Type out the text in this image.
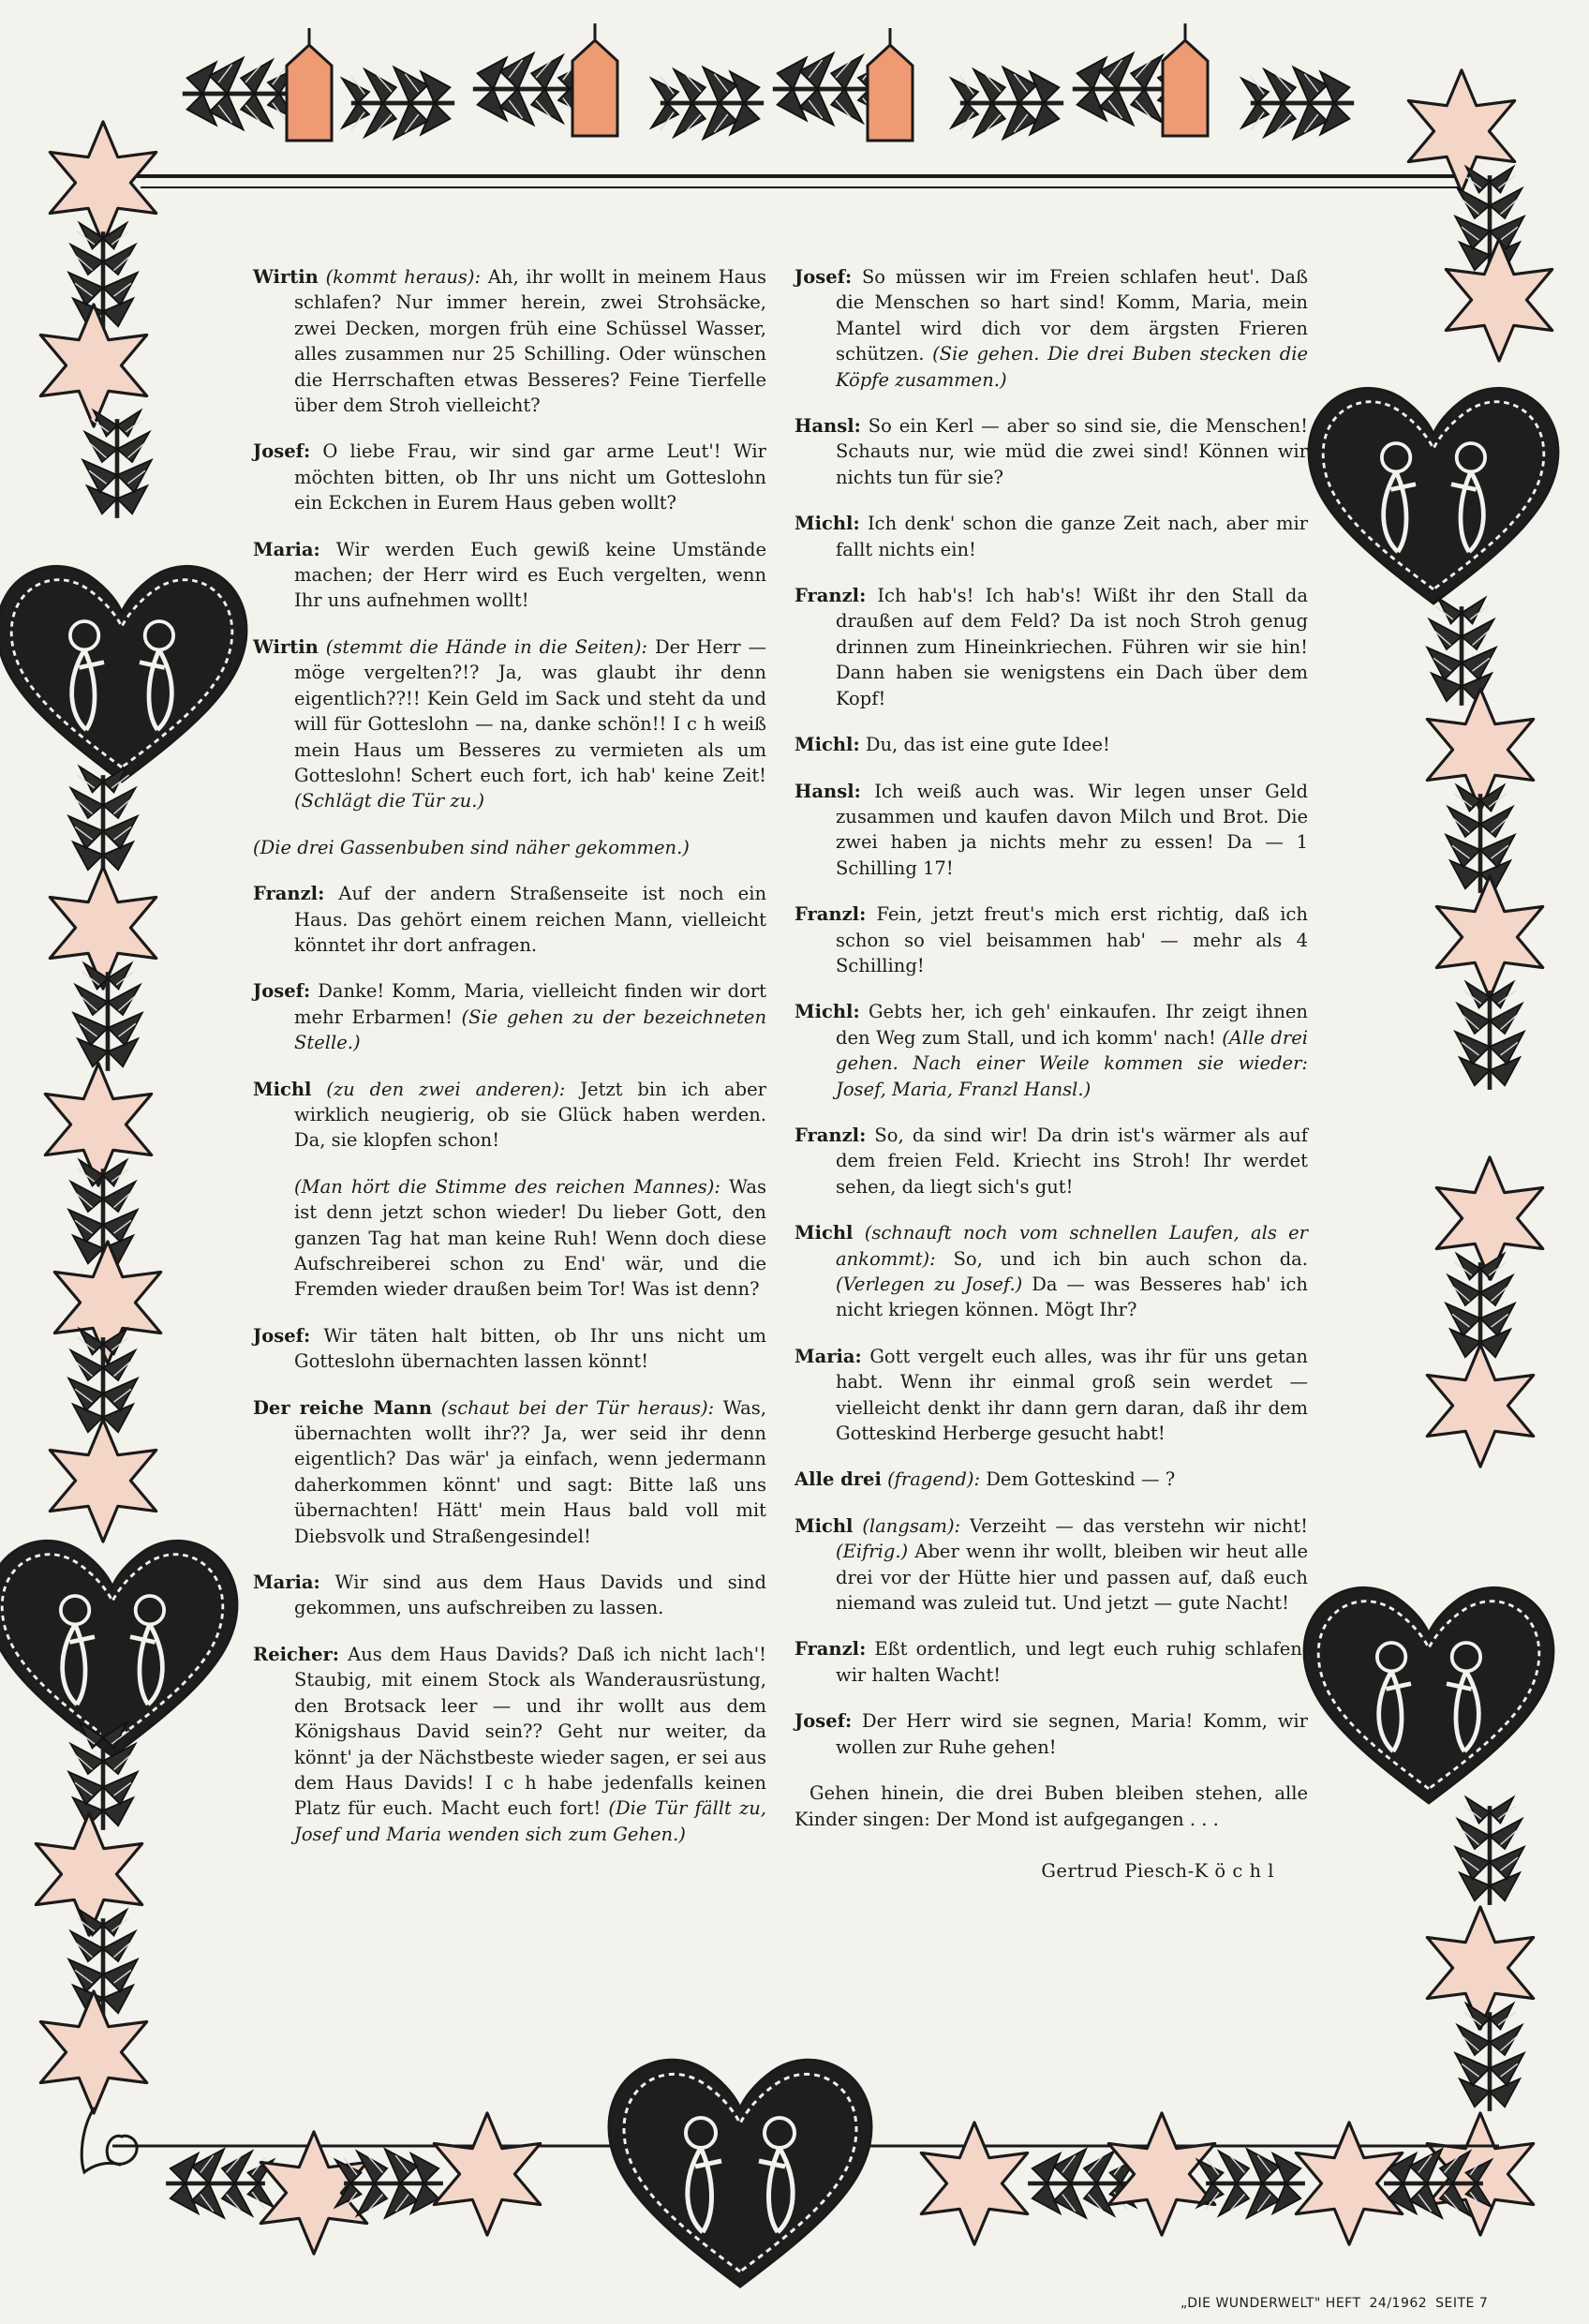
Wirtin (kommt heraus): Ah, ihr wollt in meinem Haus schlafen? Nur immer herein, zwei Strohsäcke, zwei Decken, morgen früh eine Schüssel Wasser, alles zusammen nur 25 Schilling. Oder wünschen die Herrschaften etwas Besseres? Feine Tierfelle über dem Stroh vielleicht?

Josef: O liebe Frau, wir sind gar arme Leut'! Wir möchten bitten, ob Ihr uns nicht um Gotteslohn ein Eckchen in Eurem Haus geben wollt?

Maria: Wir werden Euch gewiß keine Umstände machen; der Herr wird es Euch vergelten, wenn Ihr uns aufnehmen wollt!

Wirtin (stemmt die Hände in die Seiten): Der Herr — möge vergelten?!? Ja, was glaubt ihr denn eigentlich??!! Kein Geld im Sack und steht da und will für Gotteslohn — na, danke schön!! I c h weiß mein Haus um Besseres zu vermieten als um Gotteslohn! Schert euch fort, ich hab' keine Zeit! (Schlägt die Tür zu.)

(Die drei Gassenbuben sind näher gekommen.)

Franzl: Auf der andern Straßenseite ist noch ein Haus. Das gehört einem reichen Mann, vielleicht könntet ihr dort anfragen.

Josef: Danke! Komm, Maria, vielleicht finden wir dort mehr Erbarmen! (Sie gehen zu der bezeichneten Stelle.)

Michl (zu den zwei anderen): Jetzt bin ich aber wirklich neugierig, ob sie Glück haben werden. Da, sie klopfen schon!

(Man hört die Stimme des reichen Mannes): Was ist denn jetzt schon wieder! Du lieber Gott, den ganzen Tag hat man keine Ruh! Wenn doch diese Aufschreiberei schon zu End' wär, und die Fremden wieder draußen beim Tor! Was ist denn?

Josef: Wir täten halt bitten, ob Ihr uns nicht um Gotteslohn übernachten lassen könnt!

Der reiche Mann (schaut bei der Tür heraus): Was, übernachten wollt ihr?? Ja, wer seid ihr denn eigentlich? Das wär' ja einfach, wenn jedermann daherkommen könnt' und sagt: Bitte laß uns übernachten! Hätt' mein Haus bald voll mit Diebsvolk und Straßengesindel!

Maria: Wir sind aus dem Haus Davids und sind gekommen, uns aufschreiben zu lassen.

Reicher: Aus dem Haus Davids? Daß ich nicht lach'! Staubig, mit einem Stock als Wanderausrüstung, den Brotsack leer — und ihr wollt aus dem Königshaus David sein?? Geht nur weiter, da könnt' ja der Nächstbeste wieder sagen, er sei aus dem Haus Davids! I c h habe jedenfalls keinen Platz für euch. Macht euch fort! (Die Tür fällt zu, Josef und Maria wenden sich zum Gehen.)

Josef: So müssen wir im Freien schlafen heut'. Daß die Menschen so hart sind! Komm, Maria, mein Mantel wird dich vor dem ärgsten Frieren schützen. (Sie gehen. Die drei Buben stecken die Köpfe zusammen.)

Hansl: So ein Kerl — aber so sind sie, die Menschen! Schauts nur, wie müd die zwei sind! Können wir nichts tun für sie?

Michl: Ich denk' schon die ganze Zeit nach, aber mir fallt nichts ein!

Franzl: Ich hab's! Ich hab's! Wißt ihr den Stall da draußen auf dem Feld? Da ist noch Stroh genug drinnen zum Hineinkriechen. Führen wir sie hin! Dann haben sie wenigstens ein Dach über dem Kopf!

Michl: Du, das ist eine gute Idee!

Hansl: Ich weiß auch was. Wir legen unser Geld zusammen und kaufen davon Milch und Brot. Die zwei haben ja nichts mehr zu essen! Da — 1 Schilling 17!

Franzl: Fein, jetzt freut's mich erst richtig, daß ich schon so viel beisammen hab' — mehr als 4 Schilling!

Michl: Gebts her, ich geh' einkaufen. Ihr zeigt ihnen den Weg zum Stall, und ich komm' nach! (Alle drei gehen. Nach einer Weile kommen sie wieder: Josef, Maria, Franzl Hansl.)

Franzl: So, da sind wir! Da drin ist's wärmer als auf dem freien Feld. Kriecht ins Stroh! Ihr werdet sehen, da liegt sich's gut!

Michl (schnauft noch vom schnellen Laufen, als er ankommt): So, und ich bin auch schon da. (Verlegen zu Josef.) Da — was Besseres hab' ich nicht kriegen können. Mögt Ihr?

Maria: Gott vergelt euch alles, was ihr für uns getan habt. Wenn ihr einmal groß sein werdet — vielleicht denkt ihr dann gern daran, daß ihr dem Gotteskind Herberge gesucht habt!

Alle drei (fragend): Dem Gotteskind — ?

Michl (langsam): Verzeiht — das verstehn wir nicht! (Eifrig.) Aber wenn ihr wollt, bleiben wir heut alle drei vor der Hütte hier und passen auf, daß euch niemand was zuleid tut. Und jetzt — gute Nacht!

Franzl: Eßt ordentlich, und legt euch ruhig schlafen, wir halten Wacht!

Josef: Der Herr wird sie segnen, Maria! Komm, wir wollen zur Ruhe gehen!

Gehen hinein, die drei Buben bleiben stehen, alle Kinder singen: Der Mond ist aufgegangen . . .

Gertrud Piesch-K ö c h l

„DIE WUNDERWELT" HEFT 24/1962 SEITE 7
